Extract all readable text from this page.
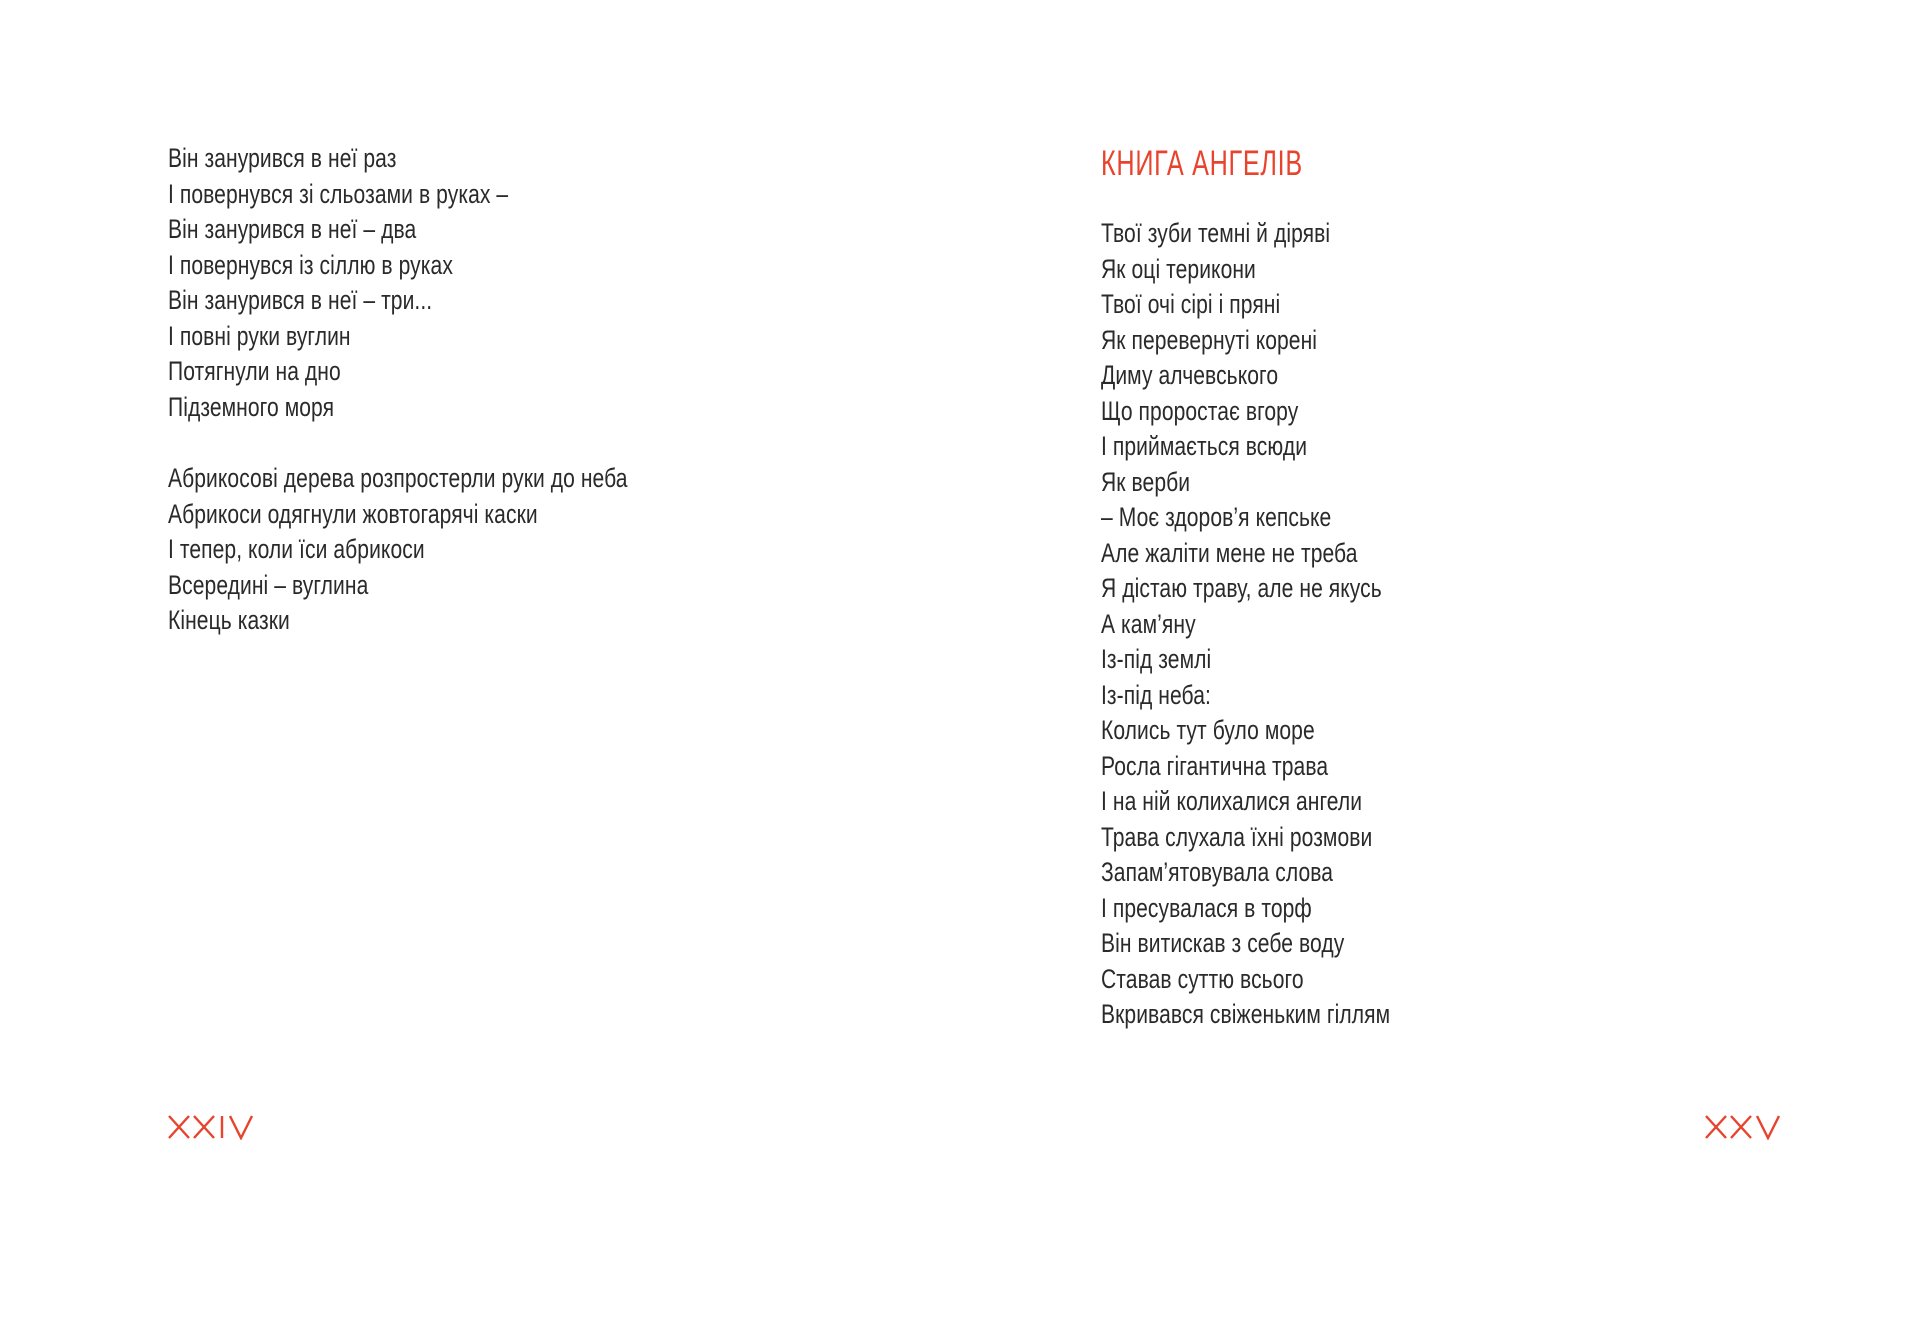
Він занурився в неї раз
І повернувся зі сльозами в руках –
Він занурився в неї – два
І повернувся із сіллю в руках
Він занурився в неї – три...
І повні руки вуглин
Потягнули на дно
Підземного моря
Абрикосові дерева розпростерли руки до неба
Абрикоси одягнули жовтогарячі каски
І тепер, коли їси абрикоси
Всередині – вуглина
Кінець казки
КНИГА АНГЕЛІВ
Твої зуби темні й діряві
Як оці терикони
Твої очі сірі і пряні
Як перевернуті корені
Диму алчевського
Що проростає вгору
І приймається всюди
Як верби
– Моє здоров’я кепське
Але жаліти мене не треба
Я дістаю траву, але не якусь
А кам’яну
Із-під землі
Із-під неба:
Колись тут було море
Росла гігантична трава
І на ній колихалися ангели
Трава слухала їхні розмови
Запам’ятовувала слова
І пресувалася в торф
Він витискав з себе воду
Ставав суттю всього
Вкривався свіженьким гіллям
